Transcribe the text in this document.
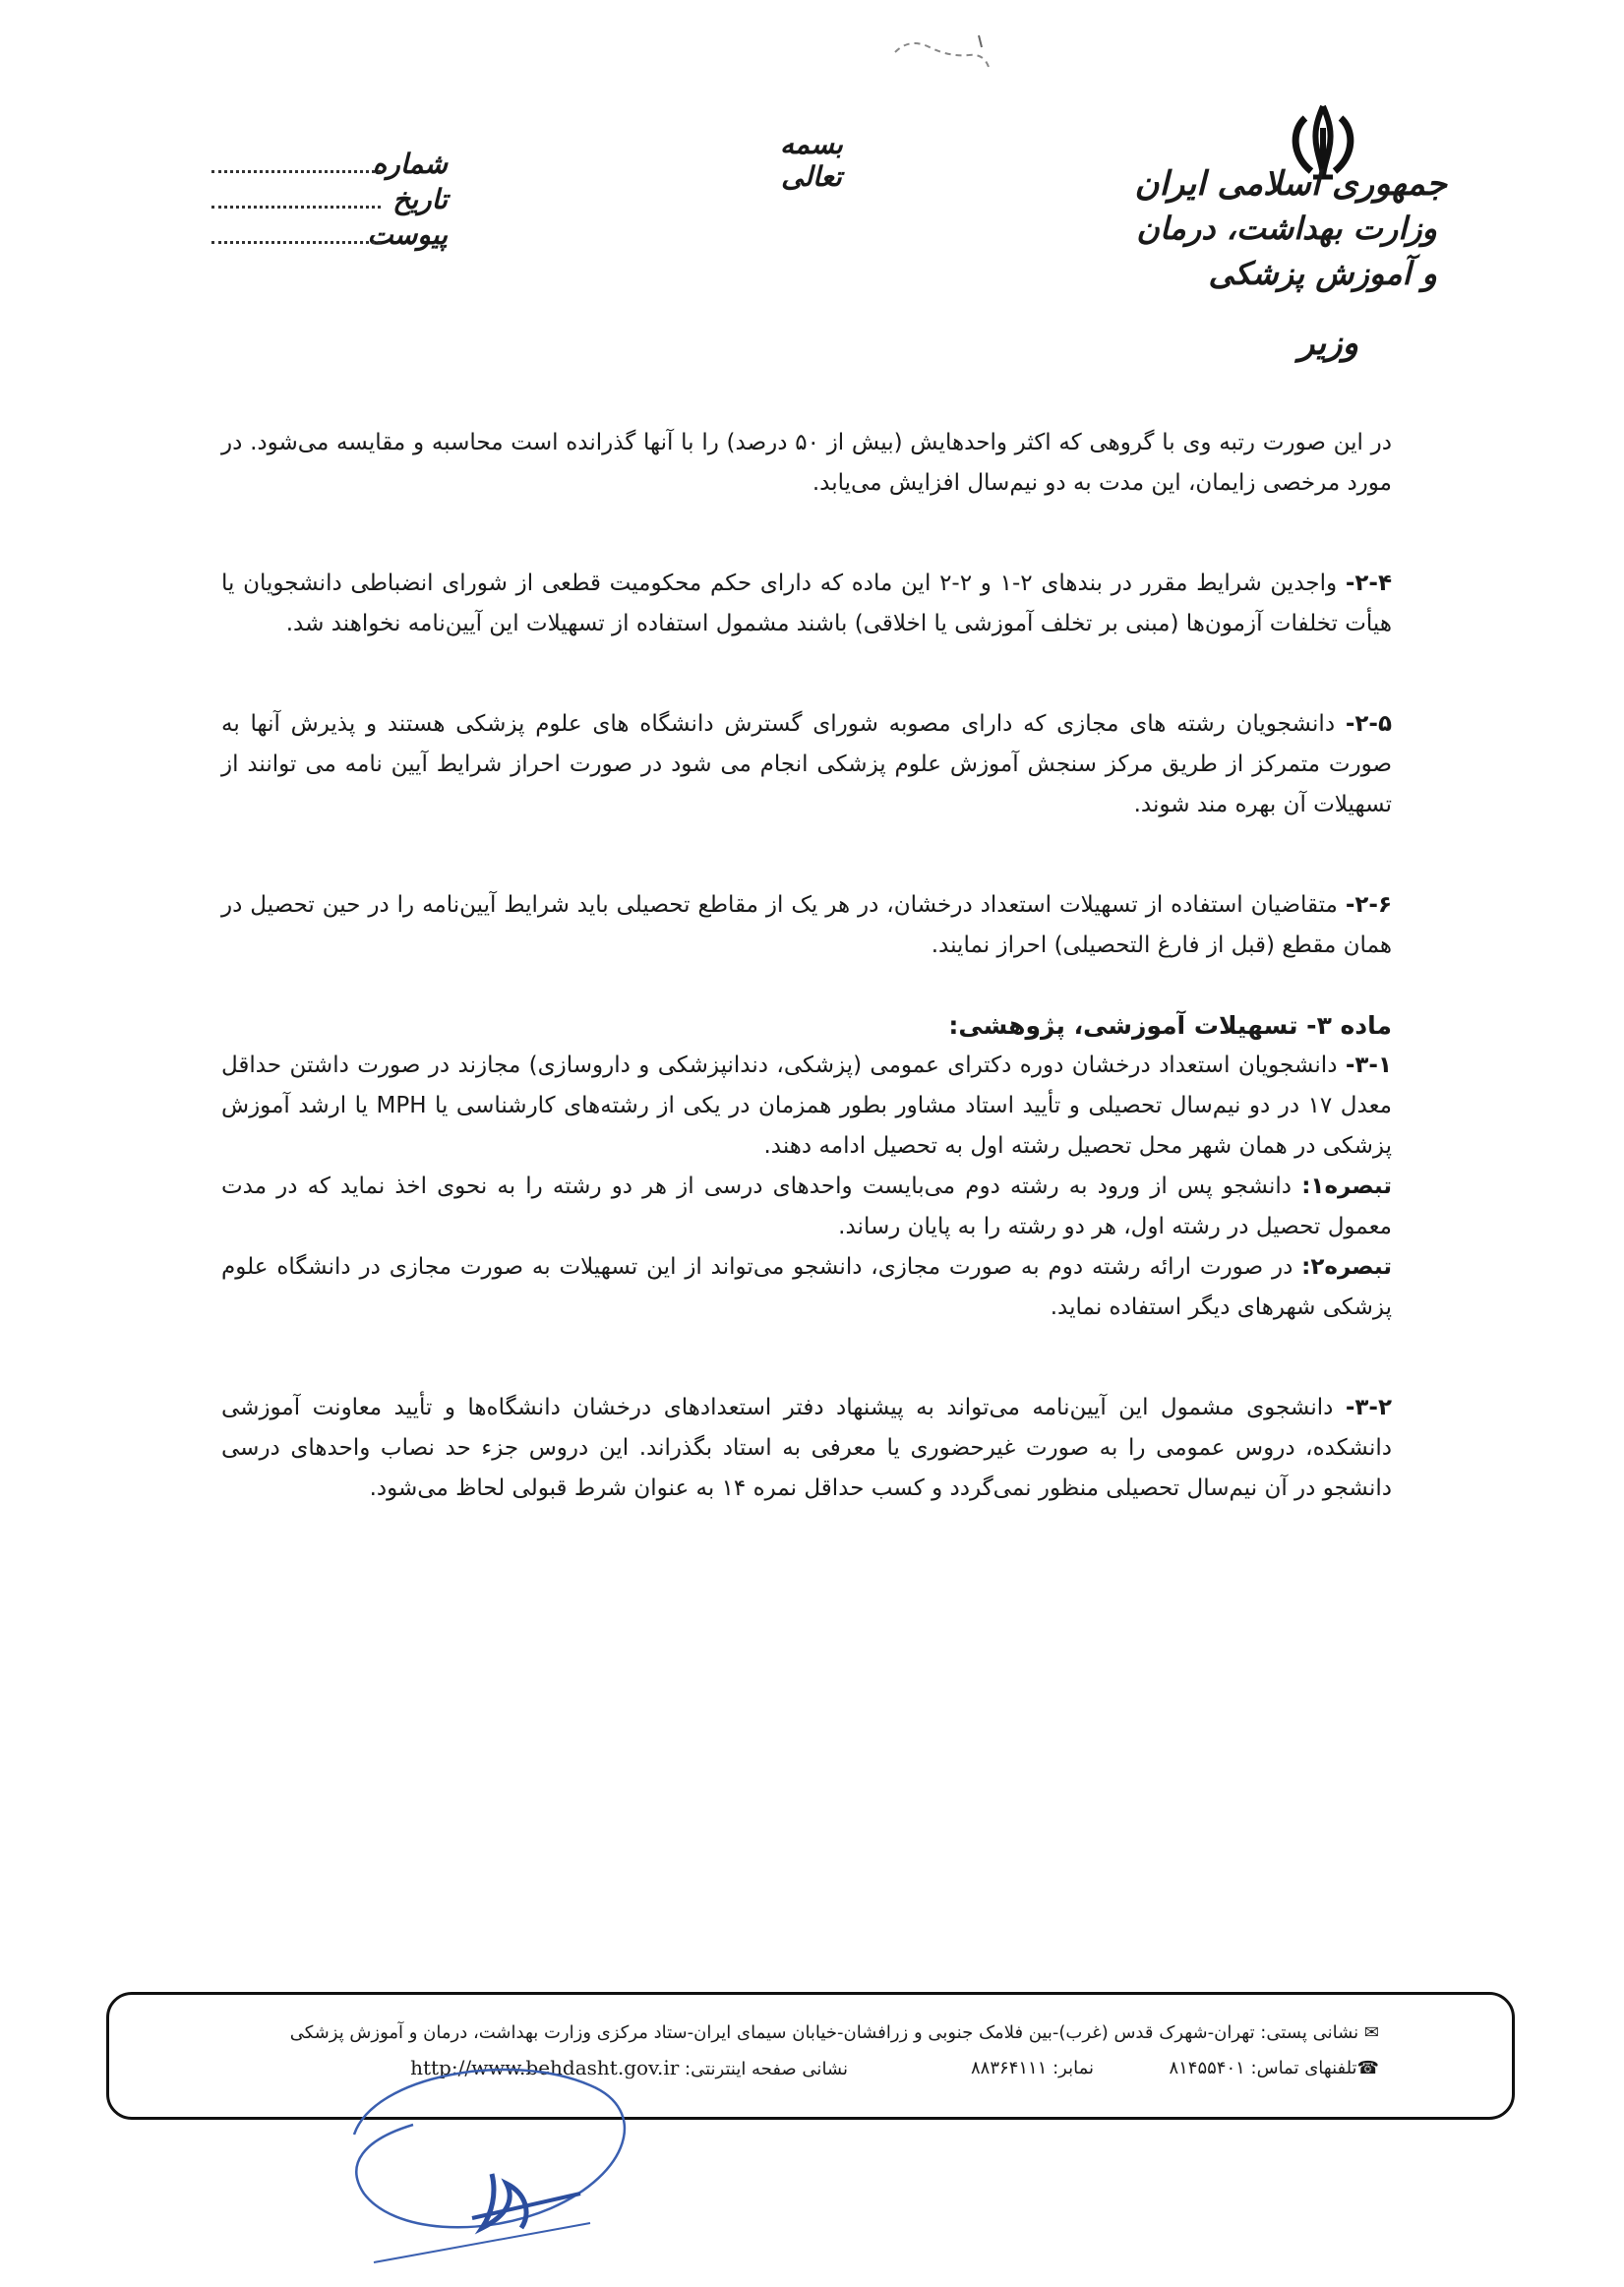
جمهوری اسلامی ایران
وزارت بهداشت، درمان و آموزش پزشکی
وزیر
بسمه تعالی
شماره
تاریخ
پیوست

در این صورت رتبه وی با گروهی که اکثر واحدهایش (بیش از ۵۰ درصد) را با آنها گذرانده است محاسبه و مقایسه می‌شود. در مورد مرخصی زایمان، این مدت به دو نیم‌سال افزایش می‌یابد.

۲-۴- واجدین شرایط مقرر در بندهای ۲-۱ و ۲-۲ این ماده که دارای حکم محکومیت قطعی از شورای انضباطی دانشجویان یا هیأت تخلفات آزمون‌ها (مبنی بر تخلف آموزشی یا اخلاقی) باشند مشمول استفاده از تسهیلات این آیین‌نامه نخواهند شد.

۲-۵- دانشجویان رشته های مجازی که دارای مصوبه شورای گسترش دانشگاه های علوم پزشکی هستند و پذیرش آنها به صورت متمرکز از طریق مرکز سنجش آموزش علوم پزشکی انجام می شود در صورت احراز شرایط آیین نامه می توانند از تسهیلات آن بهره مند شوند.

۲-۶- متقاضیان استفاده از تسهیلات استعداد درخشان، در هر یک از مقاطع تحصیلی باید شرایط آیین‌نامه را در حین تحصیل در همان مقطع (قبل از فارغ التحصیلی) احراز نمایند.

ماده ۳- تسهیلات آموزشی، پژوهشی:

۳-۱- دانشجویان استعداد درخشان دوره دکترای عمومی (پزشکی، دندانپزشکی و داروسازی) مجازند در صورت داشتن حداقل معدل ۱۷ در دو نیم‌سال تحصیلی و تأیید استاد مشاور بطور همزمان در یکی از رشته‌های کارشناسی یا MPH یا ارشد آموزش پزشکی در همان شهر محل تحصیل رشته اول به تحصیل ادامه دهند.

تبصره۱: دانشجو پس از ورود به رشته دوم می‌بایست واحدهای درسی از هر دو رشته را به نحوی اخذ نماید که در مدت معمول تحصیل در رشته اول، هر دو رشته را به پایان رساند.

تبصره۲: در صورت ارائه رشته دوم به صورت مجازی، دانشجو می‌تواند از این تسهیلات به صورت مجازی در دانشگاه علوم پزشکی شهرهای دیگر استفاده نماید.

۳-۲- دانشجوی مشمول این آیین‌نامه می‌تواند به پیشنهاد دفتر استعدادهای درخشان دانشگاه‌ها و تأیید معاونت آموزشی دانشکده، دروس عمومی را به صورت غیرحضوری یا معرفی به استاد بگذراند. این دروس جزء حد نصاب واحدهای درسی دانشجو در آن نیم‌سال تحصیلی منظور نمی‌گردد و کسب حداقل نمره ۱۴ به عنوان شرط قبولی لحاظ می‌شود.

✉ نشانی پستی: تهران-شهرک قدس (غرب)-بین فلامک جنوبی و زرافشان-خیابان سیمای ایران-ستاد مرکزی وزارت بهداشت، درمان و آموزش پزشکی
☎تلفنهای تماس: ۸۱۴۵۵۴۰۱
نمابر: ۸۸۳۶۴۱۱۱
نشانی صفحه اینترنتی: http://www.behdasht.gov.ir
